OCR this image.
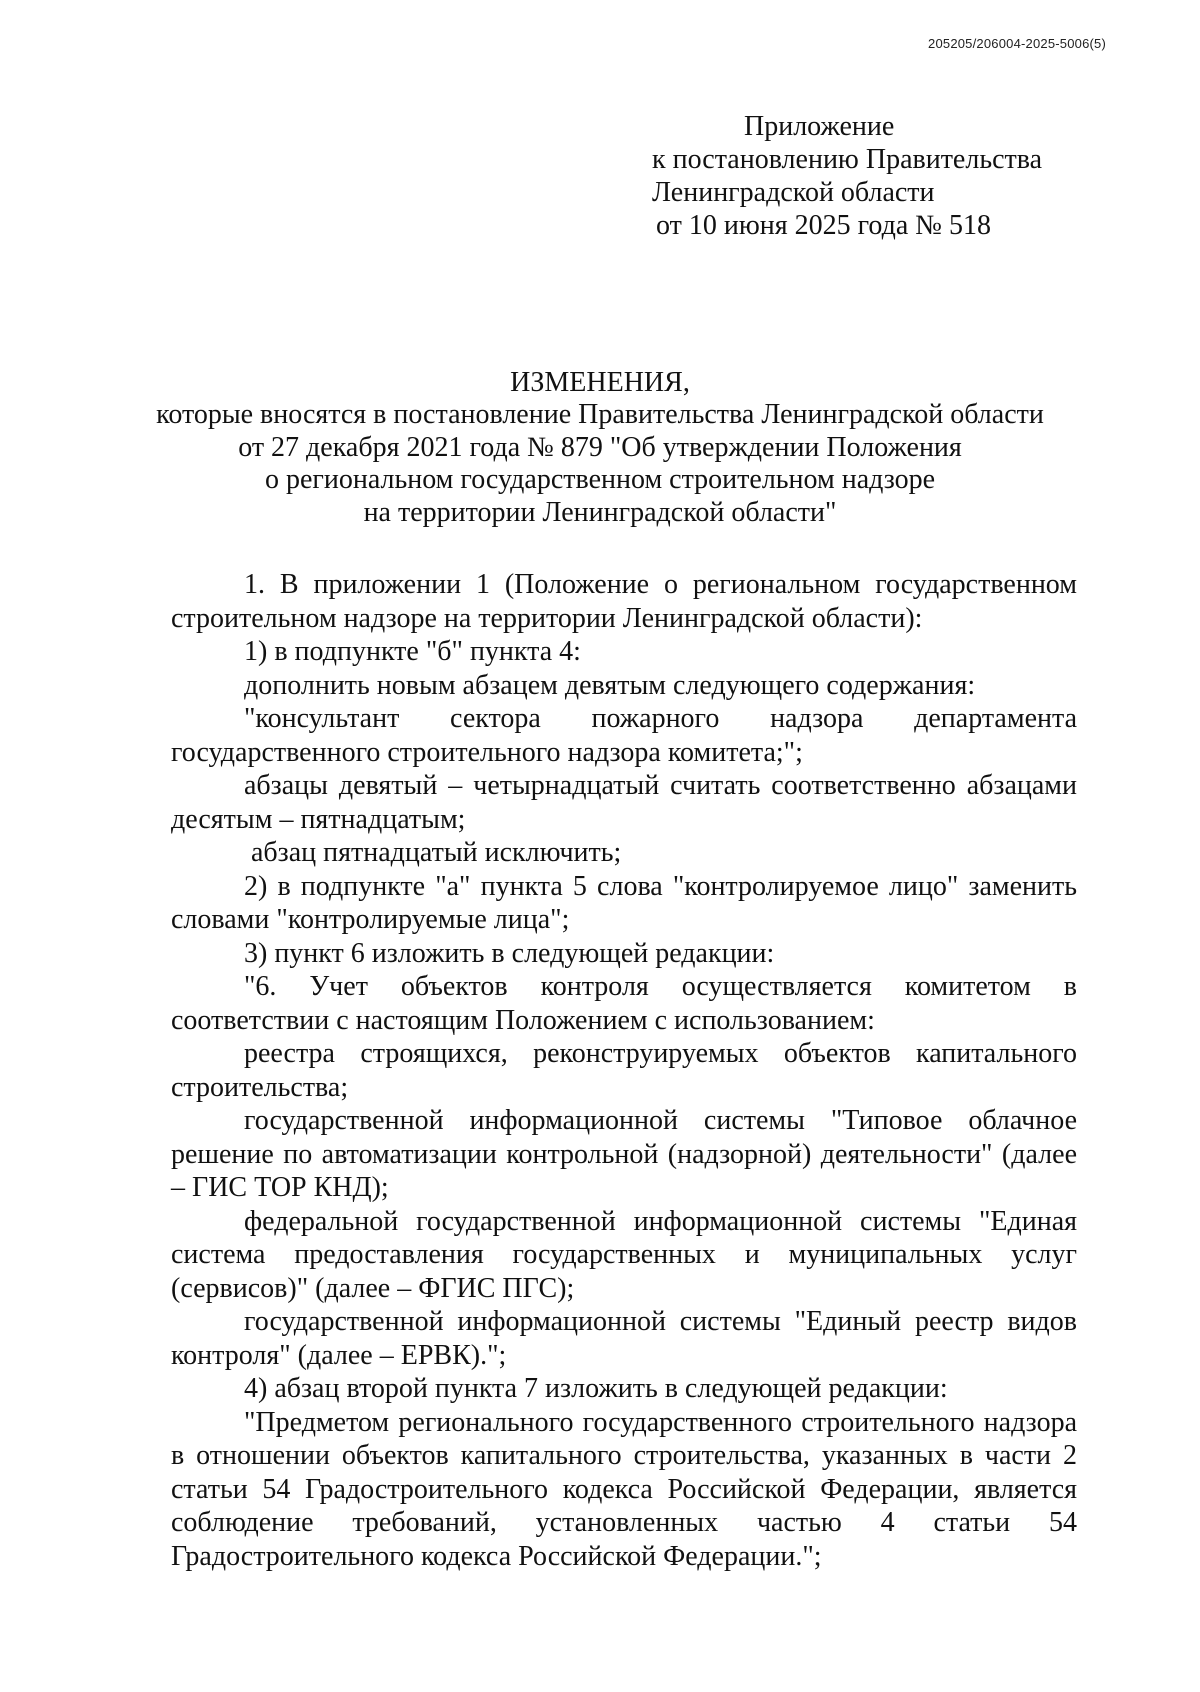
205205/206004-2025-5006(5)
Приложение
к постановлению Правительства
Ленинградской области
от 10 июня 2025 года № 518
ИЗМЕНЕНИЯ,
которые вносятся в постановление Правительства Ленинградской области
от 27 декабря 2021 года № 879 "Об утверждении Положения
о региональном государственном строительном надзоре
на территории Ленинградской области"

1. В приложении 1 (Положение о региональном государственном строительном надзоре на территории Ленинградской области):

1) в подпункте "б" пункта 4:

дополнить новым абзацем девятым следующего содержания:

"консультант сектора пожарного надзора департамента государственного строительного надзора комитета;";

абзацы девятый – четырнадцатый считать соответственно абзацами десятым – пятнадцатым;

абзац пятнадцатый исключить;

2) в подпункте "а" пункта 5 слова "контролируемое лицо" заменить словами "контролируемые лица";

3) пункт 6 изложить в следующей редакции:

"6. Учет объектов контроля осуществляется комитетом в соответствии с настоящим Положением с использованием:

реестра строящихся, реконструируемых объектов капитального строительства;

государственной информационной системы "Типовое облачное решение по автоматизации контрольной (надзорной) деятельности" (далее – ГИС ТОР КНД);

федеральной государственной информационной системы "Единая система предоставления государственных и муниципальных услуг (сервисов)" (далее – ФГИС ПГС);

государственной информационной системы "Единый реестр видов контроля" (далее – ЕРВК).";

4) абзац второй пункта 7 изложить в следующей редакции:

"Предметом регионального государственного строительного надзора в отношении объектов капитального строительства, указанных в части 2 статьи 54 Градостроительного кодекса Российской Федерации, является соблюдение требований, установленных частью 4 статьи 54 Градостроительного кодекса Российской Федерации.";
